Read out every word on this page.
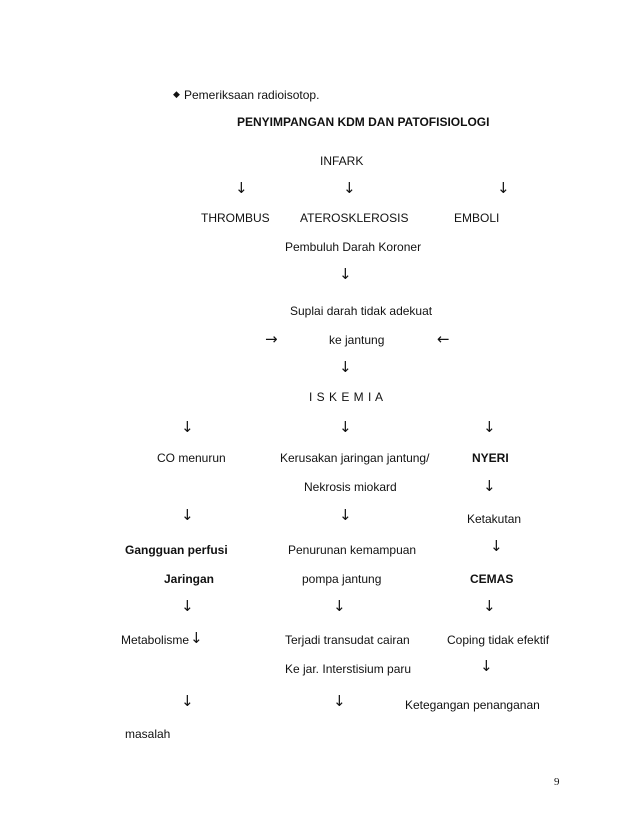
◆ Pemeriksaan radioisotop.
PENYIMPANGAN KDM DAN PATOFISIOLOGI
INFARK
↓	↓	↓
THROMBUS	ATEROSKLEROSIS	EMBOLI
Pembuluh Darah Koroner
↓
Suplai darah tidak adekuat
→	ke jantung	←
↓
I S K E M I A
↓	↓	↓
CO menurun	Kerusakan jaringan jantung/	NYERI
Nekrosis miokard	↓
↓	↓	Ketakutan
Gangguan perfusi	Penurunan kemampuan	↓
Jaringan	pompa jantung	CEMAS
↓	↓	↓
Metabolisme ↓	Terjadi transudat cairan	Coping tidak efektif
Ke jar. Interstisium paru	↓
↓	↓	Ketegangan penanganan
masalah
9
